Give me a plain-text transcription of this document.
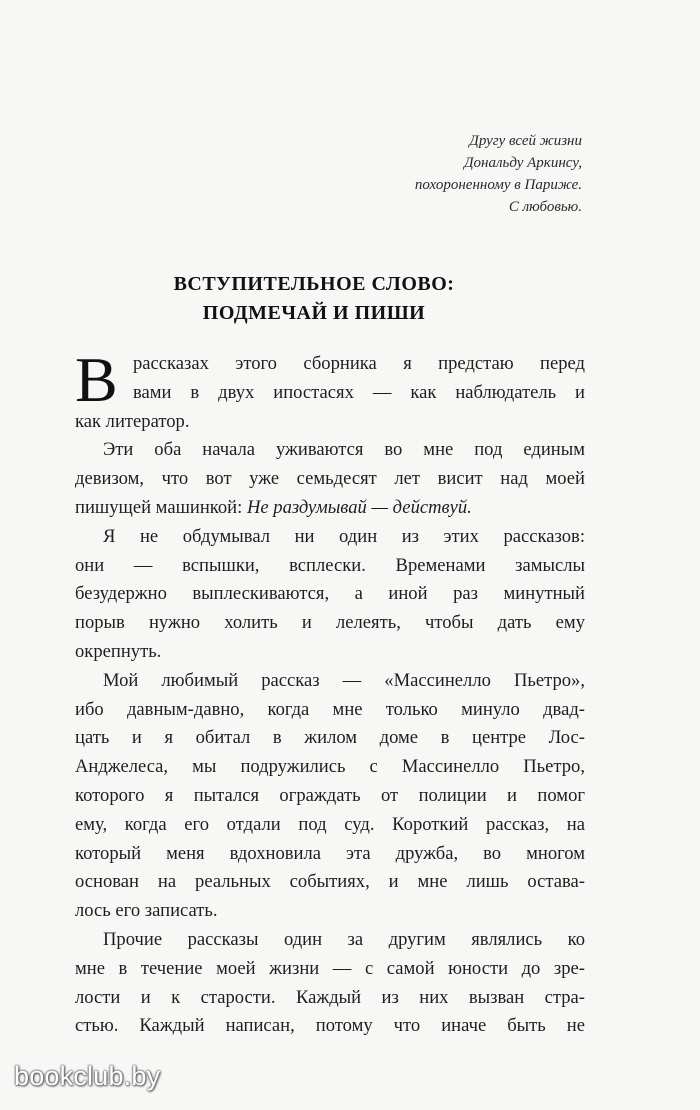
Другу всей жизни
Дональду Аркинсу,
похороненному в Париже.
С любовью.
ВСТУПИТЕЛЬНОЕ СЛОВО:
ПОДМЕЧАЙ И ПИШИ
В рассказах этого сборника я предстаю перед
вами в двух ипостасях — как наблюдатель и
как литератор.
Эти оба начала уживаются во мне под единым
девизом, что вот уже семьдесят лет висит над моей
пишущей машинкой: Не раздумывай — действуй.
Я не обдумывал ни один из этих рассказов:
они — вспышки, всплески. Временами замыслы
безудержно выплескиваются, а иной раз минутный
порыв нужно холить и лелеять, чтобы дать ему
окрепнуть.
Мой любимый рассказ — «Массинелло Пьетро»,
ибо давным-давно, когда мне только минуло двад-
цать и я обитал в жилом доме в центре Лос-
Анджелеса, мы подружились с Массинелло Пьетро,
которого я пытался ограждать от полиции и помог
ему, когда его отдали под суд. Короткий рассказ, на
который меня вдохновила эта дружба, во многом
основан на реальных событиях, и мне лишь остава-
лось его записать.
Прочие рассказы один за другим являлись ко
мне в течение моей жизни — с самой юности до зре-
лости и к старости. Каждый из них вызван стра-
стью. Каждый написан, потому что иначе быть не
bookclub.by
